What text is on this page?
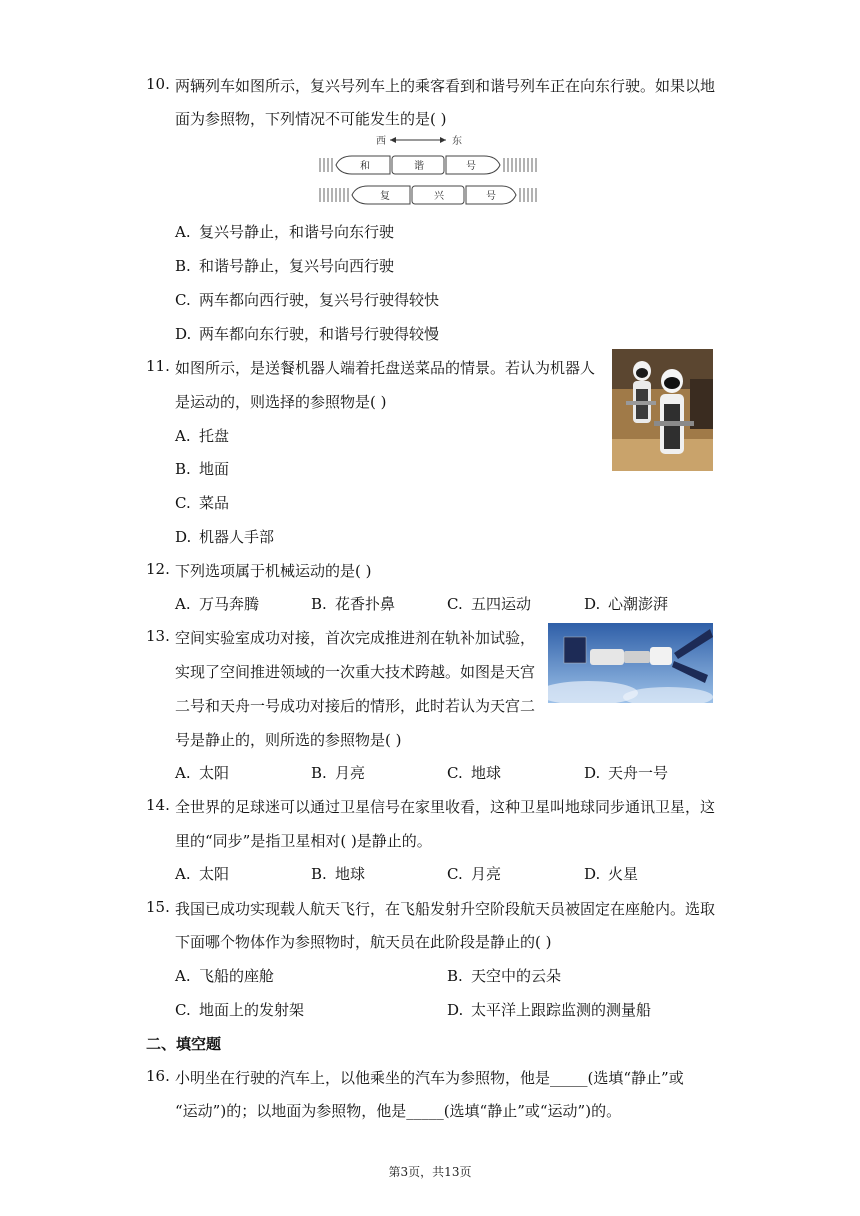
10. 两辆列车如图所示，复兴号列车上的乘客看到和谐号列车正在向东行驶。如果以地
面为参照物，下列情况不可能发生的是( )
西	东
和	谐	号
复	兴	号
A. 复兴号静止，和谐号向东行驶
B. 和谐号静止，复兴号向西行驶
C. 两车都向西行驶，复兴号行驶得较快
D. 两车都向东行驶，和谐号行驶得较慢
11. 如图所示，是送餐机器人端着托盘送菜品的情景。若认为机器人
是运动的，则选择的参照物是( )
A. 托盘
B. 地面
C. 菜品
D. 机器人手部
12. 下列选项属于机械运动的是( )
A. 万马奔腾	B. 花香扑鼻	C. 五四运动	D. 心潮澎湃
13. 空间实验室成功对接，首次完成推进剂在轨补加试验，
实现了空间推进领域的一次重大技术跨越。如图是天宫
二号和天舟一号成功对接后的情形，此时若认为天宫二
号是静止的，则所选的参照物是( )
A. 太阳	B. 月亮	C. 地球	D. 天舟一号
14. 全世界的足球迷可以通过卫星信号在家里收看，这种卫星叫地球同步通讯卫星，这
里的“同步”是指卫星相对( )是静止的。
A. 太阳	B. 地球	C. 月亮	D. 火星
15. 我国已成功实现载人航天飞行，在飞船发射升空阶段航天员被固定在座舱内。选取
下面哪个物体作为参照物时，航天员在此阶段是静止的( )
A. 飞船的座舱	B. 天空中的云朵
C. 地面上的发射架	D. 太平洋上跟踪监测的测量船
二、填空题
16. 小明坐在行驶的汽车上，以他乘坐的汽车为参照物，他是_____(选填“静止”或
“运动”)的；以地面为参照物，他是_____(选填“静止”或“运动”)的。
第3页，共13页
